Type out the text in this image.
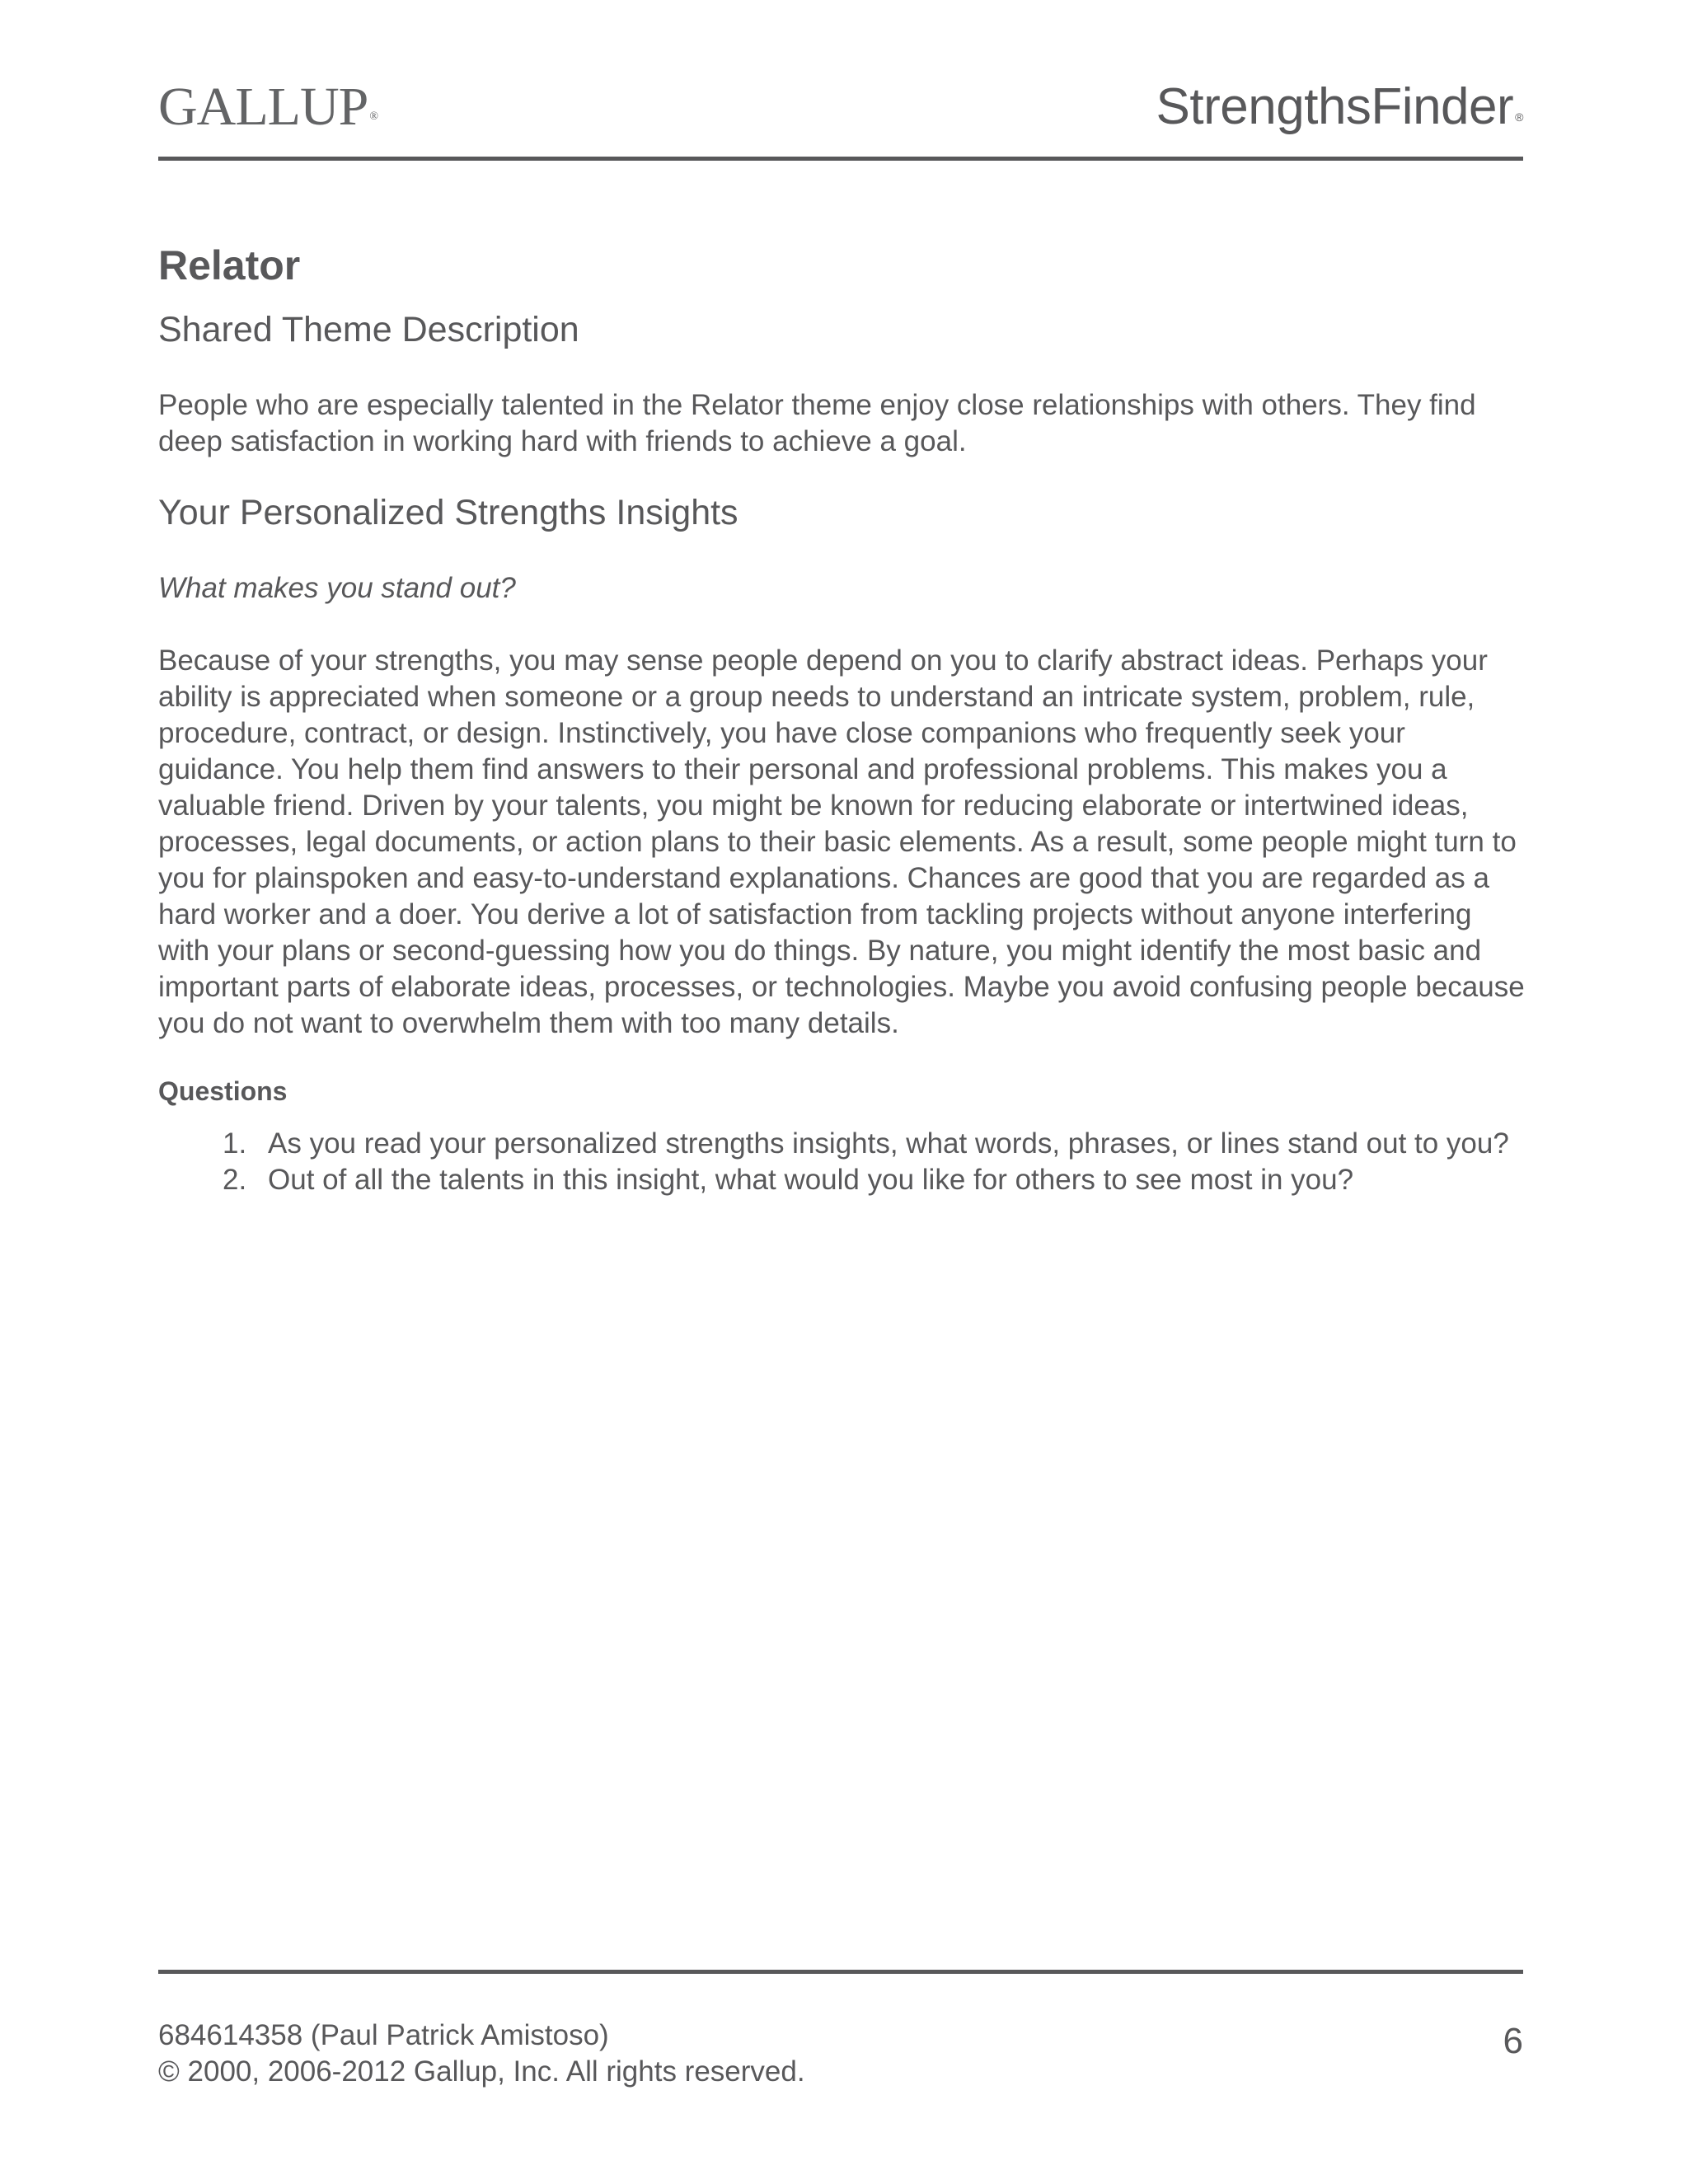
GALLUP ®	StrengthsFinder ®
Relator
Shared Theme Description

People who are especially talented in the Relator theme enjoy close relationships with others. They find deep satisfaction in working hard with friends to achieve a goal.

Your Personalized Strengths Insights

What makes you stand out?

Because of your strengths, you may sense people depend on you to clarify abstract ideas. Perhaps your ability is appreciated when someone or a group needs to understand an intricate system, problem, rule, procedure, contract, or design. Instinctively, you have close companions who frequently seek your guidance. You help them find answers to their personal and professional problems. This makes you a valuable friend. Driven by your talents, you might be known for reducing elaborate or intertwined ideas, processes, legal documents, or action plans to their basic elements. As a result, some people might turn to you for plainspoken and easy-to-understand explanations. Chances are good that you are regarded as a hard worker and a doer. You derive a lot of satisfaction from tackling projects without anyone interfering with your plans or second-guessing how you do things. By nature, you might identify the most basic and important parts of elaborate ideas, processes, or technologies. Maybe you avoid confusing people because you do not want to overwhelm them with too many details.

Questions

1. As you read your personalized strengths insights, what words, phrases, or lines stand out to you?
2. Out of all the talents in this insight, what would you like for others to see most in you?

684614358 (Paul Patrick Amistoso)

© 2000, 2006-2012 Gallup, Inc. All rights reserved.

6
